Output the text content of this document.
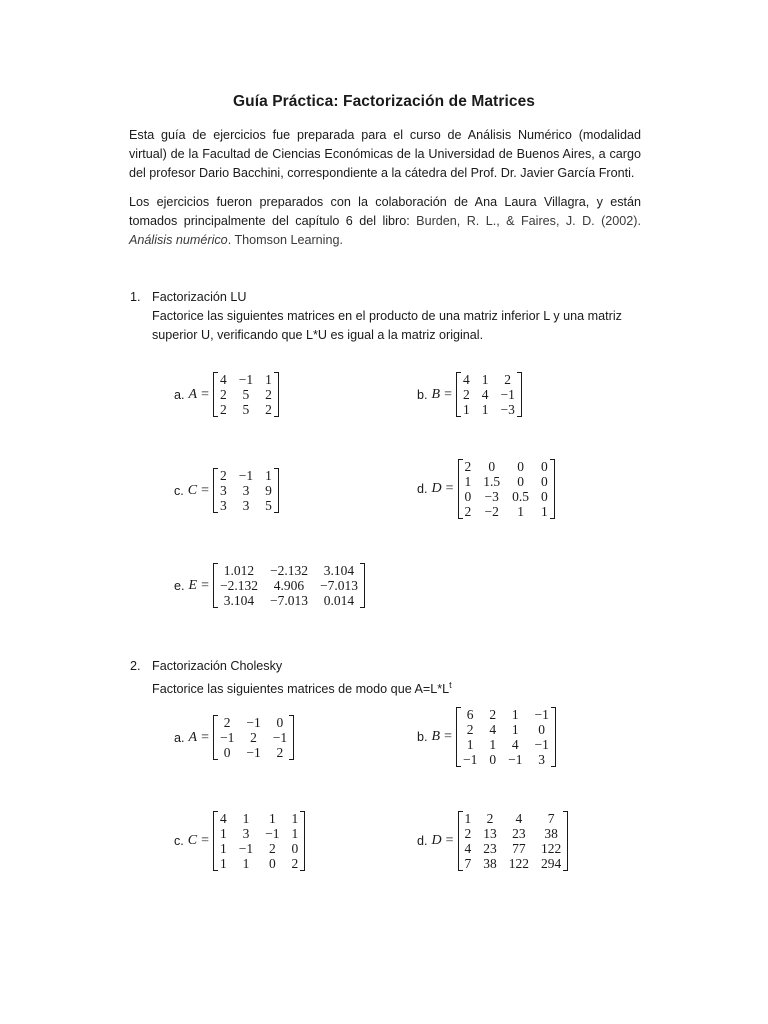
Guía Práctica: Factorización de Matrices

Esta guía de ejercicios fue preparada para el curso de Análisis Numérico (modalidad virtual) de la Facultad de Ciencias Económicas de la Universidad de Buenos Aires, a cargo del profesor Dario Bacchini, correspondiente a la cátedra del Prof. Dr. Javier García Fronti.

Los ejercicios fueron preparados con la colaboración de Ana Laura Villagra, y están tomados principalmente del capítulo 6 del libro: Burden, R. L., & Faires, J. D. (2002). Análisis numérico. Thomson Learning.

1. Factorización LU
Factorice las siguientes matrices en el producto de una matriz inferior L y una matriz superior U, verificando que L*U es igual a la matriz original.
2. Factorización Cholesky
Factorice las siguientes matrices de modo que $A=L*L^t$
a. A =
4	−1	1
2	5	2
2	5	2
b. B =
4	1	2
2	4	−1
1	1	−3
c. C =
2	−1	1
3	3	9
3	3	5
d. D =
2	0	0	0
1	1.5	0	0
0	−3	0.5	0
2	−2	1	1
e. E =
1.012	−2.132	3.104
−2.132	4.906	−7.013
3.104	−7.013	0.014
a. A =
2	−1	0
−1	2	−1
0	−1	2
b. B =
6	2	1	−1
2	4	1	0
1	1	4	−1
−1	0	−1	3
c. C =
4	1	1	1
1	3	−1	1
1	−1	2	0
1	1	0	2
d. D =
1	2	4	7
2	13	23	38
4	23	77	122
7	38	122	294
